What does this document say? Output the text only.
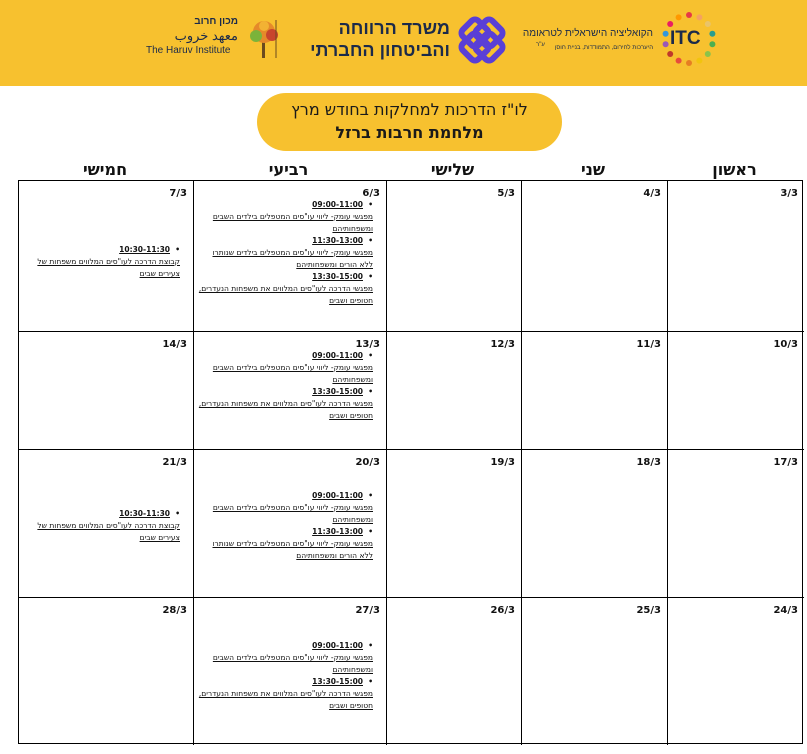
ITC
הקואליציה הישראלית לטראומה
היערכות לחירום, התמודדות, בניית חוסן
ע"ר
משרד הרווחה
והביטחון החברתי
מכון חרוב
معهد خروب
The Haruv Institute
לו"ז הדרכות למחלקות בחודש מרץ
מלחמת חרבות ברזל
ראשון
שני
שלישי
רביעי
חמישי
3/3
4/3
5/3
6/3
• 09:00-11:00
מפגשי עומק- ליווי עו"סים המטפלים בילדים השבים ומשפחותיהם
• 11:30-13:00
מפגשי עומק- ליווי עו"סים המטפלים בילדים שנותרו ללא הורים ומשפחותיהם
• 13:30-15:00
מפגשי הדרכה לעו"סים המלווים את משפחות הנעדרים, חטופים ושבים
7/3
• 10:30-11:30
קבוצת הדרכה לעו"סים המלווים משפחות של צעירים שבים
10/3
11/3
12/3
13/3
• 09:00-11:00
מפגשי עומק- ליווי עו"סים המטפלים בילדים השבים ומשפחותיהם
• 13:30-15:00
מפגשי הדרכה לעו"סים המלווים את משפחות הנעדרים, חטופים ושבים
14/3
17/3
18/3
19/3
20/3
• 09:00-11:00
מפגשי עומק- ליווי עו"סים המטפלים בילדים השבים ומשפחותיהם
• 11:30-13:00
מפגשי עומק- ליווי עו"סים המטפלים בילדים שנותרו ללא הורים ומשפחותיהם
21/3
• 10:30-11:30
קבוצת הדרכה לעו"סים המלווים משפחות של צעירים שבים
24/3
25/3
26/3
27/3
• 09:00-11:00
מפגשי עומק- ליווי עו"סים המטפלים בילדים השבים ומשפחותיהם
• 13:30-15:00
מפגשי הדרכה לעו"סים המלווים את משפחות הנעדרים, חטופים ושבים
28/3
